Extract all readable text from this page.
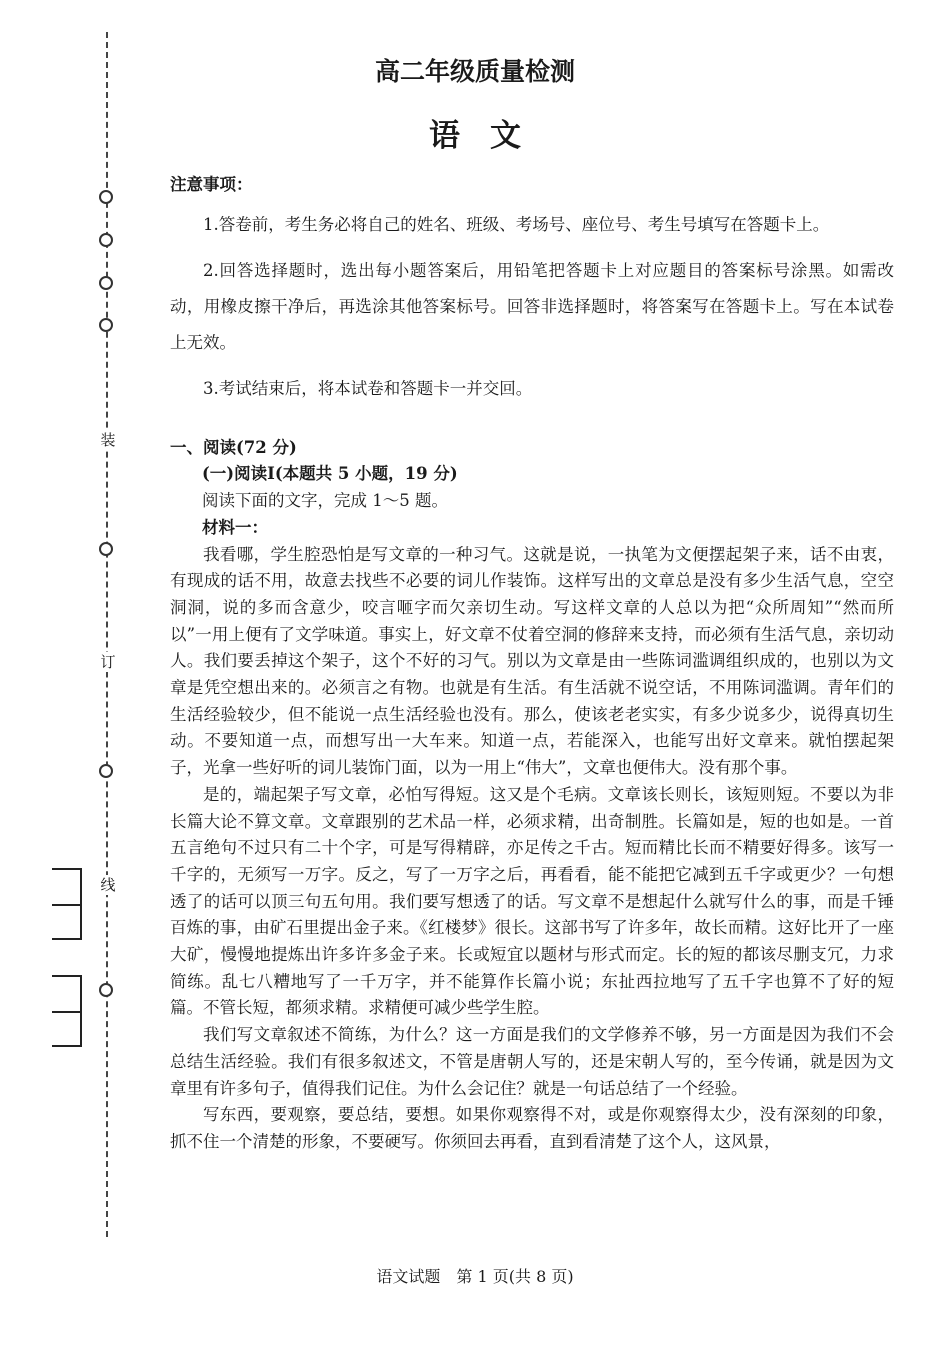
装
订
线
高二年级质量检测
语文
注意事项：

1.答卷前，考生务必将自己的姓名、班级、考场号、座位号、考生号填写在答题卡上。

2.回答选择题时，选出每小题答案后，用铅笔把答题卡上对应题目的答案标号涂黑。如需改动，用橡皮擦干净后，再选涂其他答案标号。回答非选择题时，将答案写在答题卡上。写在本试卷上无效。

3.考试结束后，将本试卷和答题卡一并交回。

一、阅读(72 分)
(一)阅读Ⅰ(本题共 5 小题，19 分)
阅读下面的文字，完成 1～5 题。
材料一：

我看哪，学生腔恐怕是写文章的一种习气。这就是说，一执笔为文便摆起架子来，话不由衷，有现成的话不用，故意去找些不必要的词儿作装饰。这样写出的文章总是没有多少生活气息，空空洞洞，说的多而含意少，咬言咂字而欠亲切生动。写这样文章的人总以为把“众所周知”“然而所以”一用上便有了文学味道。事实上，好文章不仗着空洞的修辞来支持，而必须有生活气息，亲切动人。我们要丢掉这个架子，这个不好的习气。别以为文章是由一些陈词滥调组织成的，也别以为文章是凭空想出来的。必须言之有物。也就是有生活。有生活就不说空话，不用陈词滥调。青年们的生活经验较少，但不能说一点生活经验也没有。那么，使该老老实实，有多少说多少，说得真切生动。不要知道一点，而想写出一大车来。知道一点，若能深入，也能写出好文章来。就怕摆起架子，光拿一些好听的词儿装饰门面，以为一用上“伟大”，文章也便伟大。没有那个事。

是的，端起架子写文章，必怕写得短。这又是个毛病。文章该长则长，该短则短。不要以为非长篇大论不算文章。文章跟别的艺术品一样，必须求精，出奇制胜。长篇如是，短的也如是。一首五言绝句不过只有二十个字，可是写得精辟，亦足传之千古。短而精比长而不精要好得多。该写一千字的，无须写一万字。反之，写了一万字之后，再看看，能不能把它减到五千字或更少？一句想透了的话可以顶三句五句用。我们要写想透了的话。写文章不是想起什么就写什么的事，而是千锤百炼的事，由矿石里提出金子来。《红楼梦》很长。这部书写了许多年，故长而精。这好比开了一座大矿，慢慢地提炼出许多许多金子来。长或短宜以题材与形式而定。长的短的都该尽删支冗，力求简练。乱七八糟地写了一千万字，并不能算作长篇小说；东扯西拉地写了五千字也算不了好的短篇。不管长短，都须求精。求精便可减少些学生腔。

我们写文章叙述不简练，为什么？这一方面是我们的文学修养不够，另一方面是因为我们不会总结生活经验。我们有很多叙述文，不管是唐朝人写的，还是宋朝人写的，至今传诵，就是因为文章里有许多句子，值得我们记住。为什么会记住？就是一句话总结了一个经验。

写东西，要观察，要总结，要想。如果你观察得不对，或是你观察得太少，没有深刻的印象，抓不住一个清楚的形象，不要硬写。你须回去再看，直到看清楚了这个人，这风景，

语文试题　第 1 页(共 8 页)
